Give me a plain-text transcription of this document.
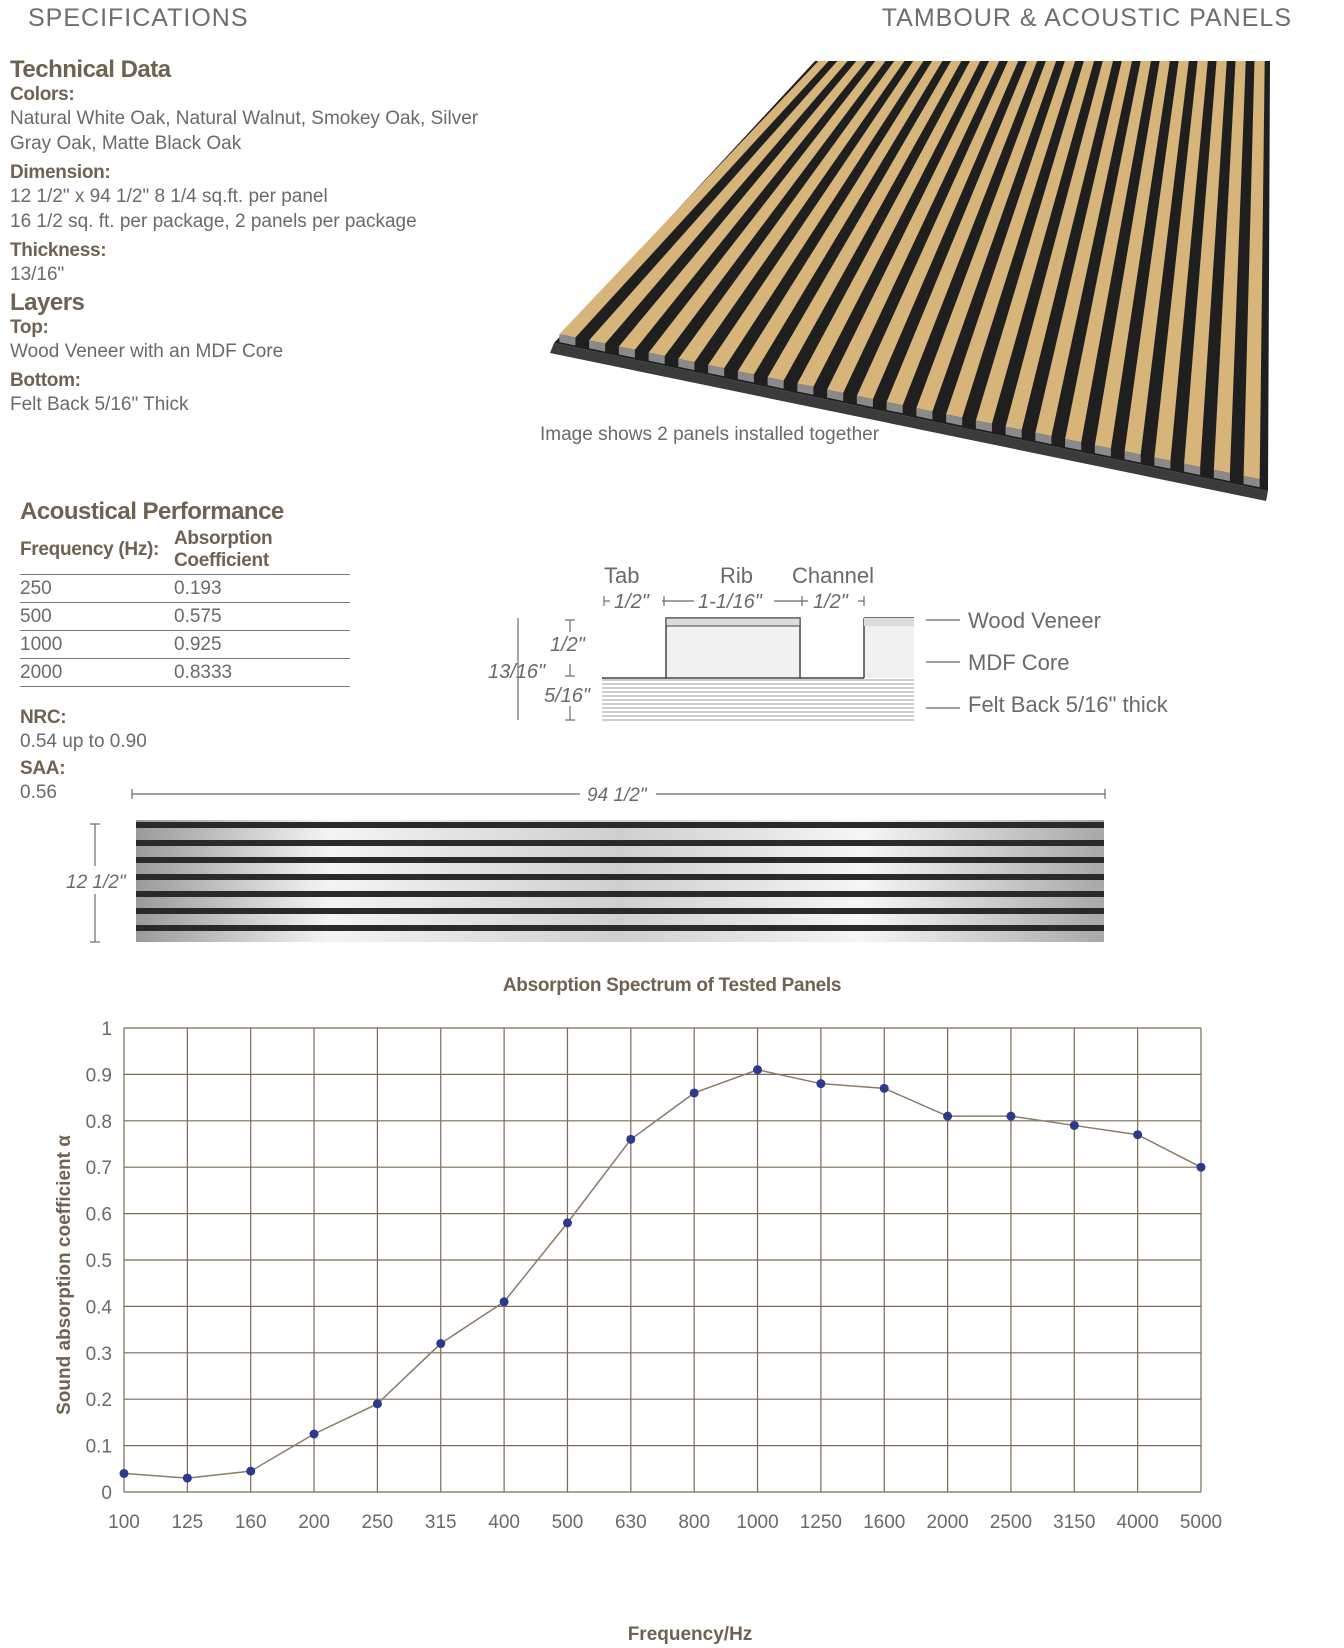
SPECIFICATIONS	TAMBOUR & ACOUSTIC PANELS
Technical Data
Colors:
Natural White Oak, Natural Walnut, Smokey Oak, Silver
Gray Oak, Matte Black Oak
Dimension:
12 1/2" x 94 1/2" 8 1/4 sq.ft. per panel
16 1/2 sq. ft. per package, 2 panels per package
Thickness:
13/16"
Layers
Top:
Wood Veneer with an MDF Core
Bottom:
Felt Back 5/16" Thick
Image shows 2 panels installed together
Acoustical Performance
Frequency (Hz):	Absorption Coefficient
250	0.193
500	0.575
1000	0.925
2000	0.8333
NRC:
0.54 up to 0.90
SAA:
0.56
Tab	Rib Channel
1/2" 1-1/16"	1/2"
1/2"
13/16"
5/16"
Wood Veneer
MDF Core
Felt Back 5/16" thick
94 1/2"
12 1/2"
Absorption Spectrum of Tested Panels
0
0.1
0.2
0.3
0.4
0.5
0.6
0.7
0.8
0.9
1
100 125 160 200 250 315 400 500 630 800 1000 1250 1600 2000 2500 3150 4000 5000
Sound absorption coefficient α
Frequency/Hz
